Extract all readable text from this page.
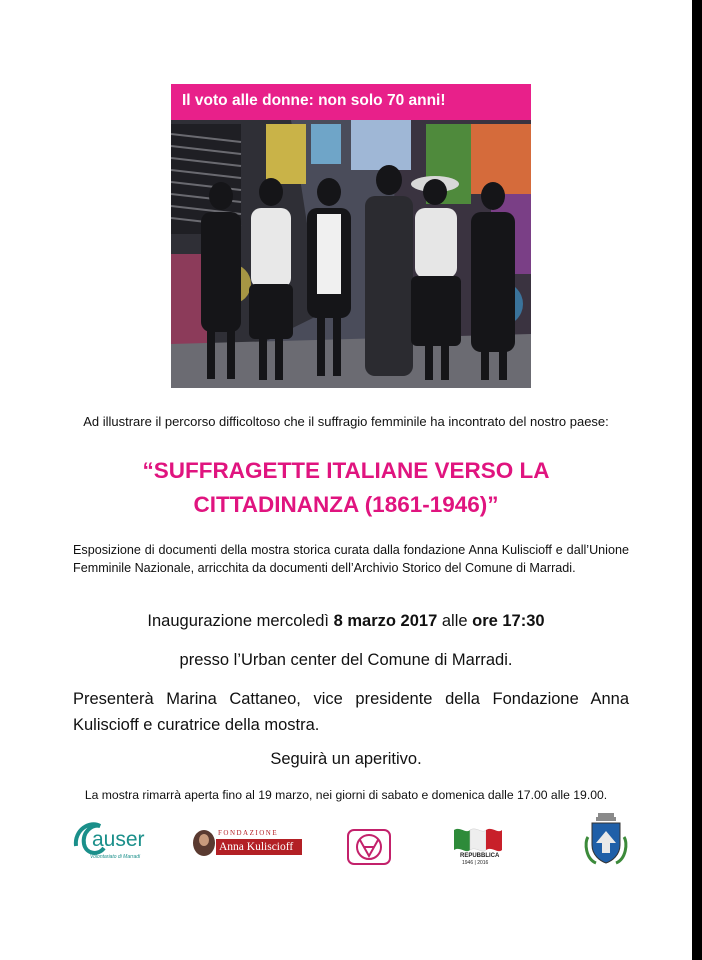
Il voto alle donne: non solo 70 anni!
Ad illustrare il percorso difficoltoso che il suffragio femminile ha incontrato del nostro paese:
“SUFFRAGETTE ITALIANE VERSO LA
CITTADINANZA (1861-1946)”
Esposizione di documenti della mostra storica curata dalla fondazione Anna Kuliscioff e dall’Unione Femminile Nazionale, arricchita da documenti dell’Archivio Storico del Comune di Marradi.
Inaugurazione mercoledì 8 marzo 2017 alle ore 17:30
presso l’Urban center del Comune di Marradi.
Presenterà Marina Cattaneo, vice presidente della Fondazione Anna Kuliscioff e curatrice della mostra.
Seguirà un aperitivo.
La mostra rimarrà aperta fino al 19 marzo, nei giorni di sabato e domenica dalle 17.00 alle 19.00.
auser
Volontariato di Marradi
FONDAZIONE
Anna Kuliscioff
REPUBBLICA
1946 | 2016
